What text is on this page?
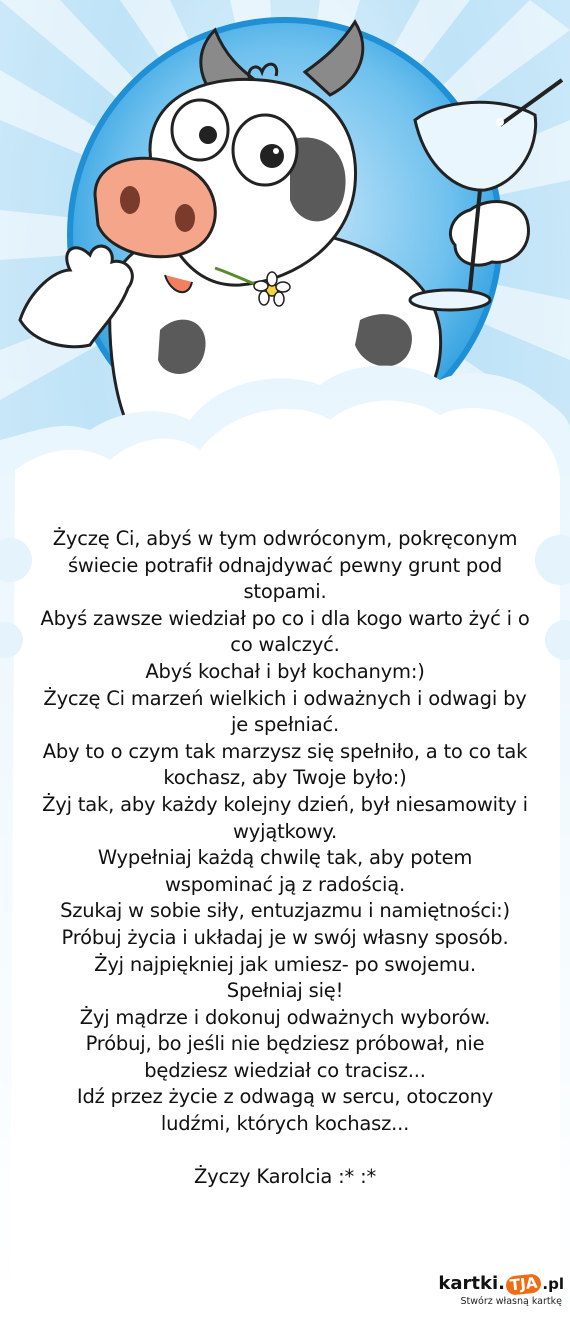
Życzę Ci, abyś w tym odwróconym, pokręconym
świecie potrafił odnajdywać pewny grunt pod
stopami.
Abyś zawsze wiedział po co i dla kogo warto żyć i o
co walczyć.
Abyś kochał i był kochanym:)
Życzę Ci marzeń wielkich i odważnych i odwagi by
je spełniać.
Aby to o czym tak marzysz się spełniło, a to co tak
kochasz, aby Twoje było:)
Żyj tak, aby każdy kolejny dzień, był niesamowity i
wyjątkowy.
Wypełniaj każdą chwilę tak, aby potem
wspominać ją z radością.
Szukaj w sobie siły, entuzjazmu i namiętności:)
Próbuj życia i układaj je w swój własny sposób.
Żyj najpiękniej jak umiesz- po swojemu.
Spełniaj się!
Żyj mądrze i dokonuj odważnych wyborów.
Próbuj, bo jeśli nie będziesz próbował, nie
będziesz wiedział co tracisz...
Idź przez życie z odwagą w sercu, otoczony
ludźmi, których kochasz...
Życzy Karolcia :* :*
kartki. TJA .pl
Stwórz własną kartkę
